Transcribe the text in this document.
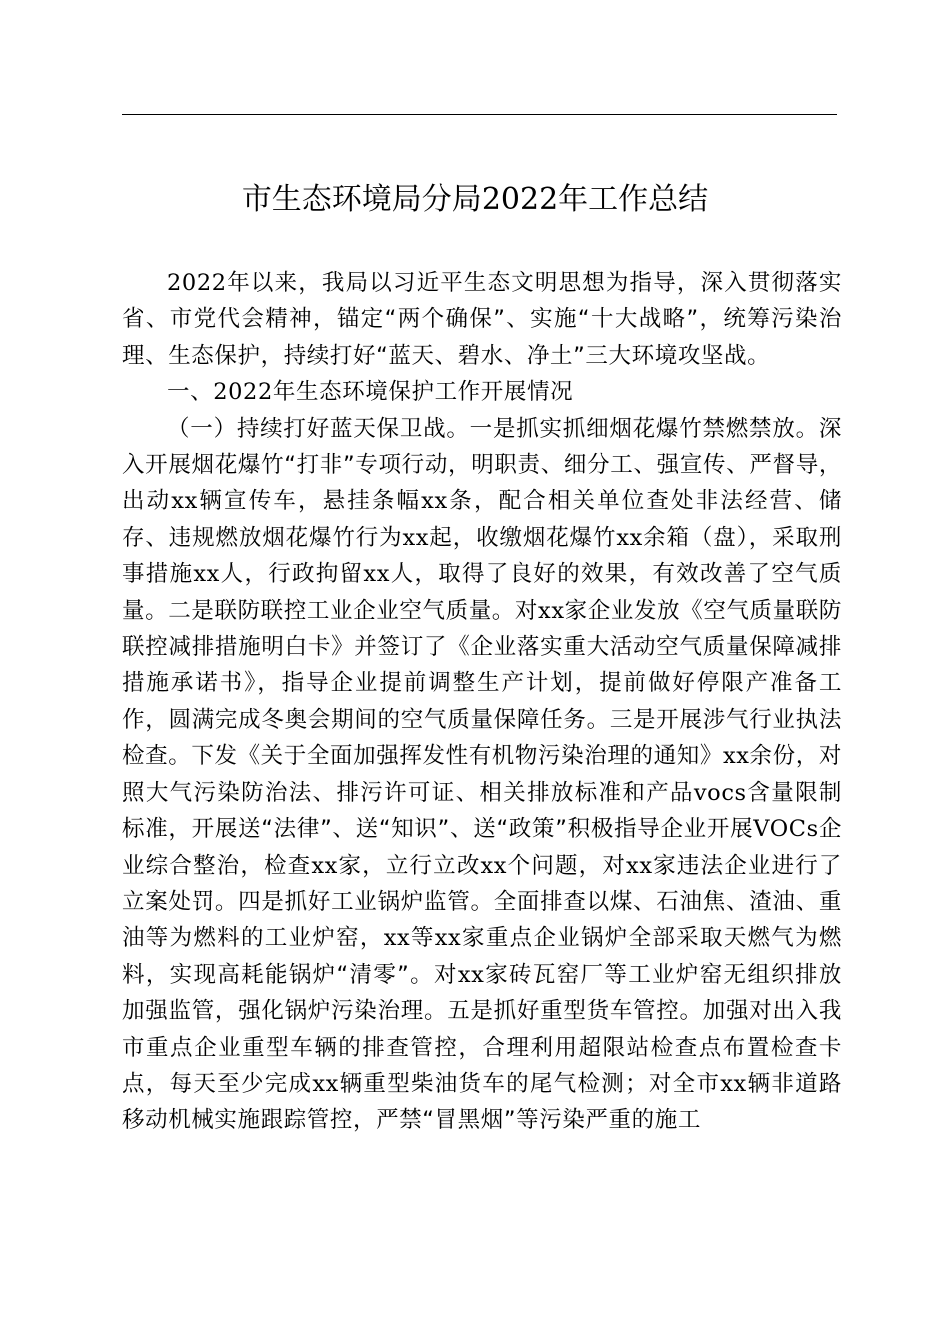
市生态环境局分局2022年工作总结

2022年以来，我局以习近平生态文明思想为指导，深入贯彻落实省、市党代会精神，锚定“两个确保”、实施“十大战略”，统筹污染治理、生态保护，持续打好“蓝天、碧水、净土”三大环境攻坚战。

一、2022年生态环境保护工作开展情况

（一）持续打好蓝天保卫战。一是抓实抓细烟花爆竹禁燃禁放。深入开展烟花爆竹“打非”专项行动，明职责、细分工、强宣传、严督导，出动xx辆宣传车，悬挂条幅xx条，配合相关单位查处非法经营、储存、违规燃放烟花爆竹行为xx起，收缴烟花爆竹xx余箱（盘），采取刑事措施xx人，行政拘留xx人，取得了良好的效果，有效改善了空气质量。二是联防联控工业企业空气质量。对xx家企业发放《空气质量联防联控减排措施明白卡》并签订了《企业落实重大活动空气质量保障减排措施承诺书》，指导企业提前调整生产计划，提前做好停限产准备工作，圆满完成冬奥会期间的空气质量保障任务。三是开展涉气行业执法检查。下发《关于全面加强挥发性有机物污染治理的通知》xx余份，对照大气污染防治法、排污许可证、相关排放标准和产品vocs含量限制标准，开展送“法律”、送“知识”、送“政策”积极指导企业开展VOCs企业综合整治，检查xx家，立行立改xx个问题，对xx家违法企业进行了立案处罚。四是抓好工业锅炉监管。全面排查以煤、石油焦、渣油、重油等为燃料的工业炉窑，xx等xx家重点企业锅炉全部采取天燃气为燃料，实现高耗能锅炉“清零”。对xx家砖瓦窑厂等工业炉窑无组织排放加强监管，强化锅炉污染治理。五是抓好重型货车管控。加强对出入我市重点企业重型车辆的排查管控，合理利用超限站检查点布置检查卡点，每天至少完成xx辆重型柴油货车的尾气检测；对全市xx辆非道路移动机械实施跟踪管控，严禁“冒黑烟”等污染严重的施工
